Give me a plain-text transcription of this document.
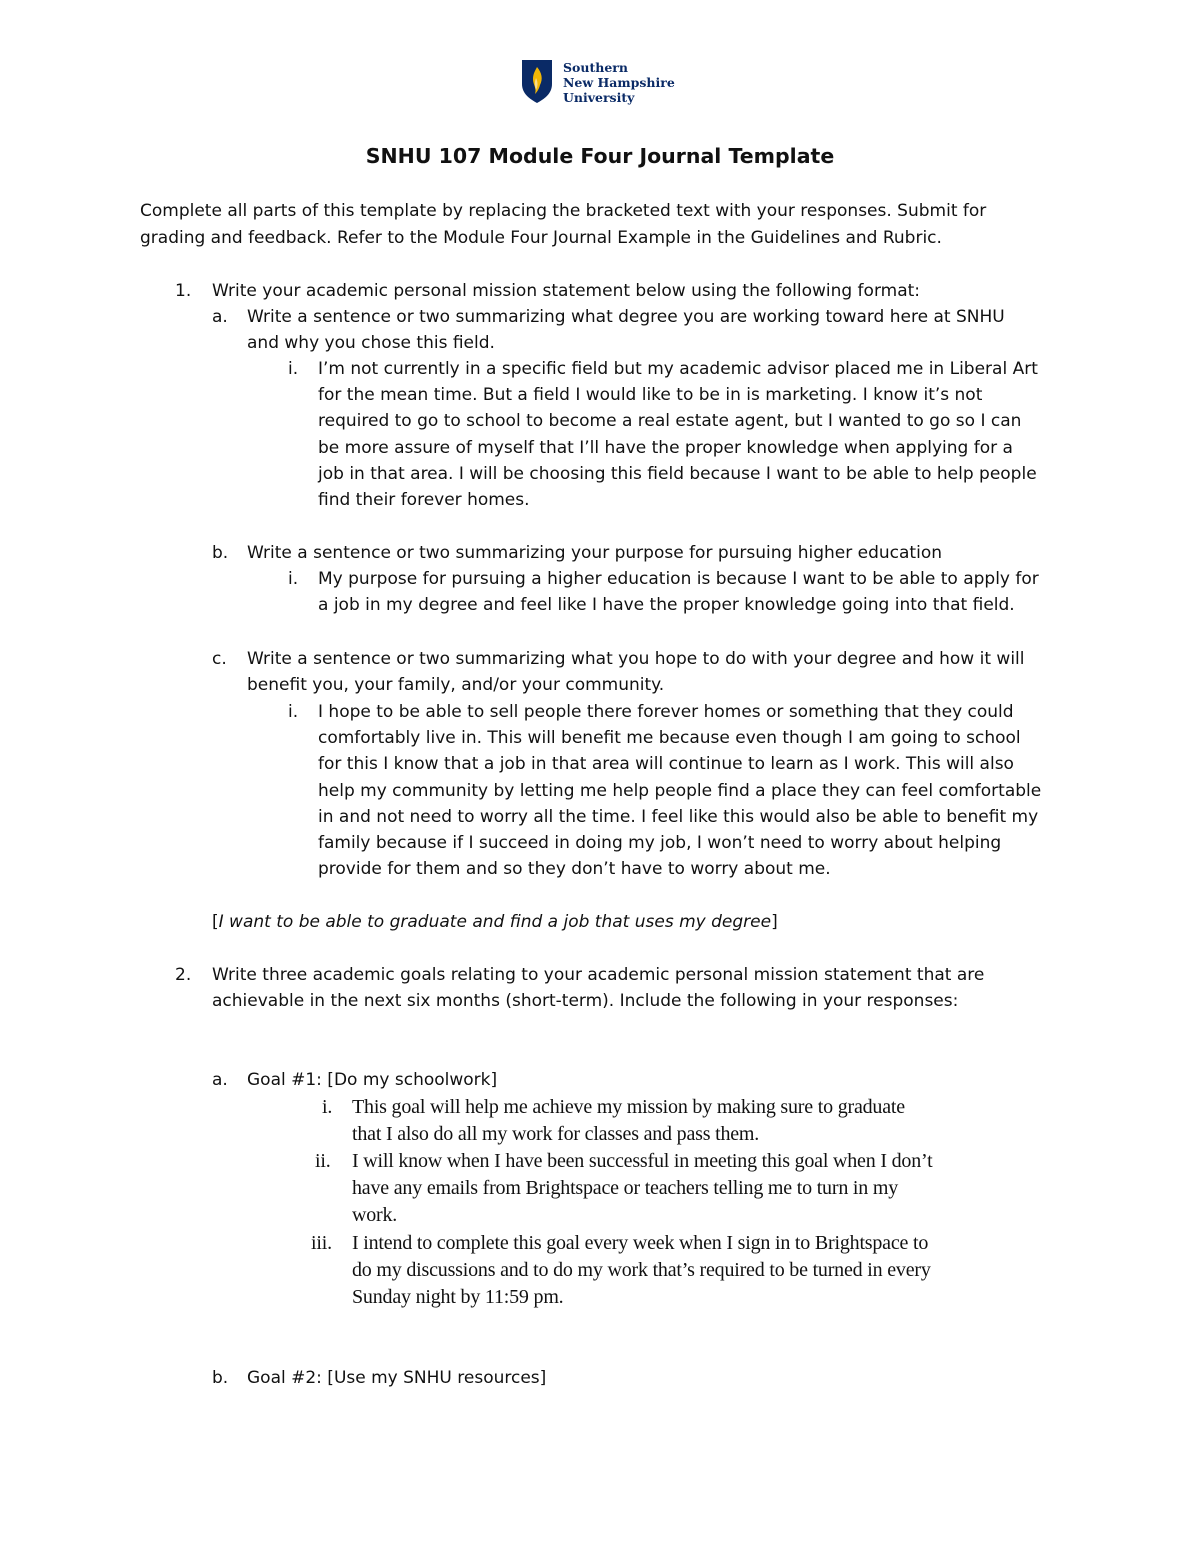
Southern
New Hampshire
University
SNHU 107 Module Four Journal Template
Complete all parts of this template by replacing the bracketed text with your responses. Submit for
grading and feedback. Refer to the Module Four Journal Example in the Guidelines and Rubric.
1. Write your academic personal mission statement below using the following format:
a. Write a sentence or two summarizing what degree you are working toward here at SNHU
and why you chose this field.
i. I’m not currently in a specific field but my academic advisor placed me in Liberal Art
for the mean time. But a field I would like to be in is marketing. I know it’s not
required to go to school to become a real estate agent, but I wanted to go so I can
be more assure of myself that I’ll have the proper knowledge when applying for a
job in that area. I will be choosing this field because I want to be able to help people
find their forever homes.
b. Write a sentence or two summarizing your purpose for pursuing higher education
i. My purpose for pursuing a higher education is because I want to be able to apply for
a job in my degree and feel like I have the proper knowledge going into that field.
c. Write a sentence or two summarizing what you hope to do with your degree and how it will
benefit you, your family, and/or your community.
i. I hope to be able to sell people there forever homes or something that they could
comfortably live in. This will benefit me because even though I am going to school
for this I know that a job in that area will continue to learn as I work. This will also
help my community by letting me help people find a place they can feel comfortable
in and not need to worry all the time. I feel like this would also be able to benefit my
family because if I succeed in doing my job, I won’t need to worry about helping
provide for them and so they don’t have to worry about me.
[I want to be able to graduate and find a job that uses my degree]
2. Write three academic goals relating to your academic personal mission statement that are
achievable in the next six months (short-term). Include the following in your responses:
a. Goal #1: [Do my schoolwork]
i. This goal will help me achieve my mission by making sure to graduate
that I also do all my work for classes and pass them.
ii. I will know when I have been successful in meeting this goal when I don’t
have any emails from Brightspace or teachers telling me to turn in my
work.
iii. I intend to complete this goal every week when I sign in to Brightspace to
do my discussions and to do my work that’s required to be turned in every
Sunday night by 11:59 pm.
b. Goal #2: [Use my SNHU resources]
